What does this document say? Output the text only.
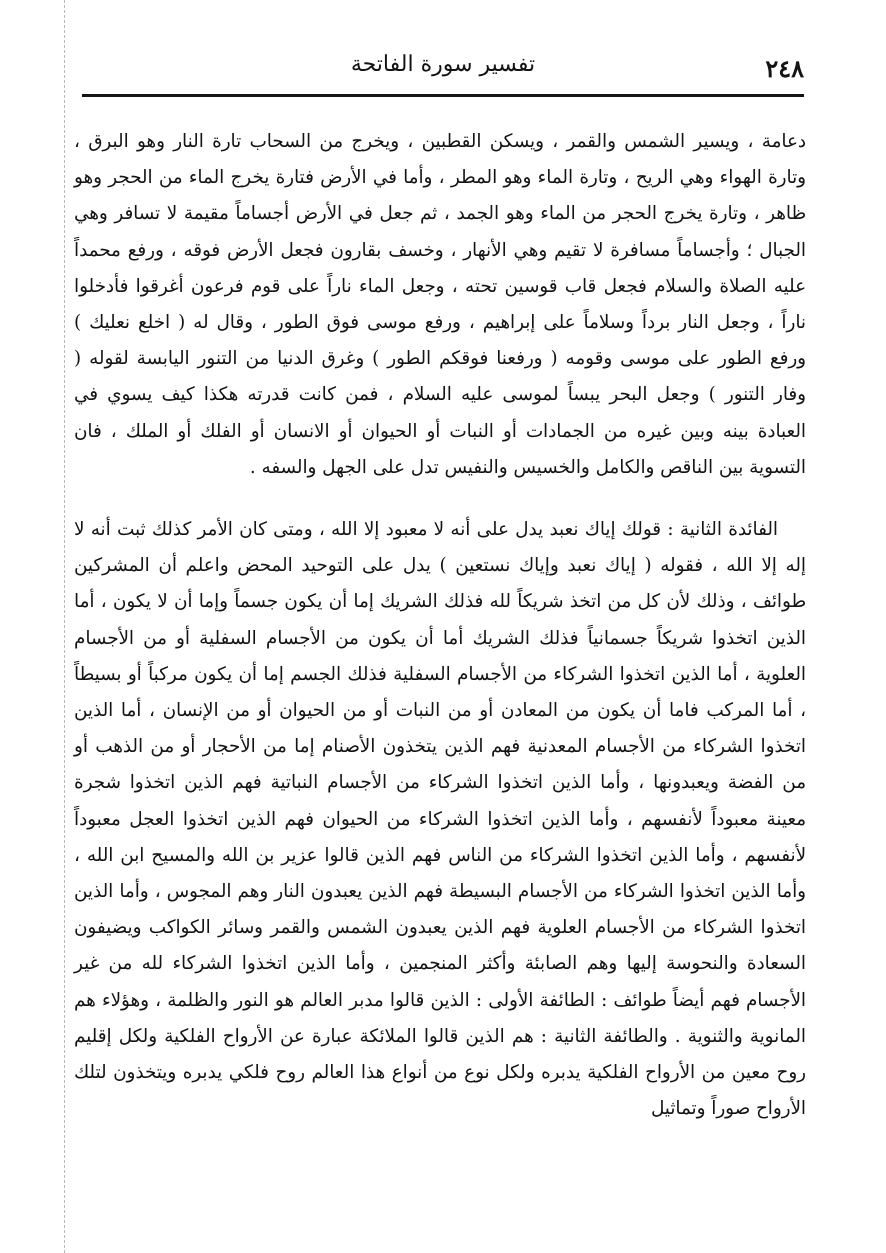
تفسير سورة الفاتحة	٢٤٨

دعامة ، ويسير الشمس والقمر ، ويسكن القطبين ، ويخرج من السحاب تارة النار وهو البرق ، وتارة الهواء وهي الريح ، وتارة الماء وهو المطر ، وأما في الأرض فتارة يخرج الماء من الحجر وهو ظاهر ، وتارة يخرج الحجر من الماء وهو الجمد ، ثم جعل في الأرض أجساماً مقيمة لا تسافر وهي الجبال ؛ وأجساماً مسافرة لا تقيم وهي الأنهار ، وخسف بقارون فجعل الأرض فوقه ، ورفع محمداً عليه الصلاة والسلام فجعل قاب قوسين تحته ، وجعل الماء ناراً على قوم فرعون أغرقوا فأدخلوا ناراً ، وجعل النار برداً وسلاماً على إبراهيم ، ورفع موسى فوق الطور ، وقال له ( اخلع نعليك ) ورفع الطور على موسى وقومه ( ورفعنا فوقكم الطور ) وغرق الدنيا من التنور اليابسة لقوله ( وفار التنور ) وجعل البحر يبساً لموسى عليه السلام ، فمن كانت قدرته هكذا كيف يسوي في العبادة بينه وبين غيره من الجمادات أو النبات أو الحيوان أو الانسان أو الفلك أو الملك ، فان التسوية بين الناقص والكامل والخسيس والنفيس تدل على الجهل والسفه .

الفائدة الثانية : قولك إياك نعبد يدل على أنه لا معبود إلا الله ، ومتى كان الأمر كذلك ثبت أنه لا إله إلا الله ، فقوله ( إياك نعبد وإياك نستعين ) يدل على التوحيد المحض واعلم أن المشركين طوائف ، وذلك لأن كل من اتخذ شريكاً لله فذلك الشريك إما أن يكون جسماً وإما أن لا يكون ، أما الذين اتخذوا شريكاً جسمانياً فذلك الشريك أما أن يكون من الأجسام السفلية أو من الأجسام العلوية ، أما الذين اتخذوا الشركاء من الأجسام السفلية فذلك الجسم إما أن يكون مركباً أو بسيطاً ، أما المركب فاما أن يكون من المعادن أو من النبات أو من الحيوان أو من الإنسان ، أما الذين اتخذوا الشركاء من الأجسام المعدنية فهم الذين يتخذون الأصنام إما من الأحجار أو من الذهب أو من الفضة ويعبدونها ، وأما الذين اتخذوا الشركاء من الأجسام النباتية فهم الذين اتخذوا شجرة معينة معبوداً لأنفسهم ، وأما الذين اتخذوا الشركاء من الحيوان فهم الذين اتخذوا العجل معبوداً لأنفسهم ، وأما الذين اتخذوا الشركاء من الناس فهم الذين قالوا عزير بن الله والمسيح ابن الله ، وأما الذين اتخذوا الشركاء من الأجسام البسيطة فهم الذين يعبدون النار وهم المجوس ، وأما الذين اتخذوا الشركاء من الأجسام العلوية فهم الذين يعبدون الشمس والقمر وسائر الكواكب ويضيفون السعادة والنحوسة إليها وهم الصابئة وأكثر المنجمين ، وأما الذين اتخذوا الشركاء لله من غير الأجسام فهم أيضاً طوائف : الطائفة الأولى : الذين قالوا مدبر العالم هو النور والظلمة ، وهؤلاء هم المانوية والثنوية . والطائفة الثانية : هم الذين قالوا الملائكة عبارة عن الأرواح الفلكية ولكل إقليم روح معين من الأرواح الفلكية يدبره ولكل نوع من أنواع هذا العالم روح فلكي يدبره ويتخذون لتلك الأرواح صوراً وتماثيل
